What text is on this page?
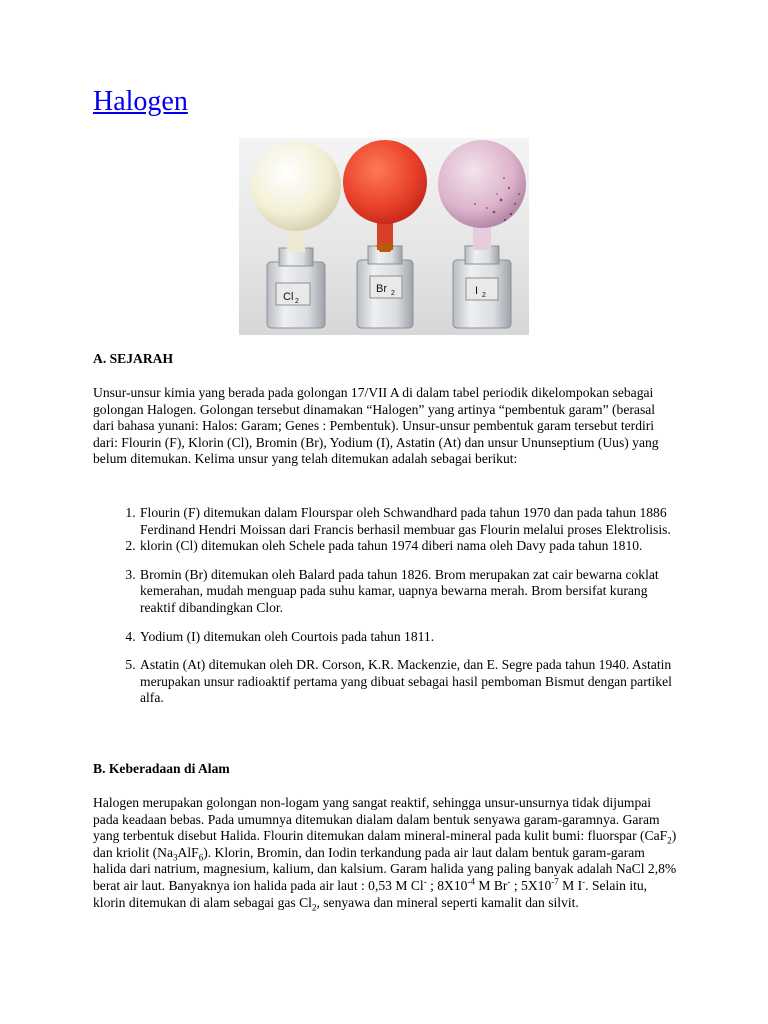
Halogen
Cl 2
Br 2	I 2
A. SEJARAH
Unsur-unsur kimia yang berada pada golongan 17/VII A di dalam tabel periodik dikelompokan sebagai golongan Halogen. Golongan tersebut dinamakan “Halogen” yang artinya “pembentuk garam” (berasal dari bahasa yunani: Halos: Garam; Genes : Pembentuk). Unsur-unsur pembentuk garam tersebut terdiri dari: Flourin (F), Klorin (Cl), Bromin (Br), Yodium (I), Astatin (At) dan unsur Ununseptium (Uus) yang belum ditemukan. Kelima unsur yang telah ditemukan adalah sebagai berikut:
1. Flourin (F) ditemukan dalam Flourspar oleh Schwandhard pada tahun 1970 dan pada tahun 1886 Ferdinand Hendri Moissan dari Francis berhasil membuar gas Flourin melalui proses Elektrolisis.
2. klorin (Cl) ditemukan oleh Schele pada tahun 1974 diberi nama oleh Davy pada tahun 1810.
3. Bromin (Br) ditemukan oleh Balard pada tahun 1826. Brom merupakan zat cair bewarna coklat kemerahan, mudah menguap pada suhu kamar, uapnya bewarna merah. Brom bersifat kurang reaktif dibandingkan Clor.
4. Yodium (I) ditemukan oleh Courtois pada tahun 1811.
5. Astatin (At) ditemukan oleh DR. Corson, K.R. Mackenzie, dan E. Segre pada tahun 1940. Astatin merupakan unsur radioaktif pertama yang dibuat sebagai hasil pemboman Bismut dengan partikel alfa.
B. Keberadaan di Alam
Halogen merupakan golongan non-logam yang sangat reaktif, sehingga unsur-unsurnya tidak dijumpai pada keadaan bebas. Pada umumnya ditemukan dialam dalam bentuk senyawa garam-garamnya. Garam yang terbentuk disebut Halida. Flourin ditemukan dalam mineral-mineral pada kulit bumi: fluorspar (CaF$_2$) dan kriolit $(Na_3AlF_6)$. Klorin, Bromin, dan Iodin terkandung pada air laut dalam bentuk garam-garam halida dari natrium, magnesium, kalium, dan kalsium. Garam halida yang paling banyak adalah NaCl 2,8% berat air laut. Banyaknya ion halida pada air laut : 0,53 M Cl- ; $8X10^{-4}$ M Br- ; $5X10^{-7}$ M I-. Selain itu, klorin ditemukan di alam sebagai gas $Cl_2$, senyawa dan mineral seperti kamalit dan silvit.
